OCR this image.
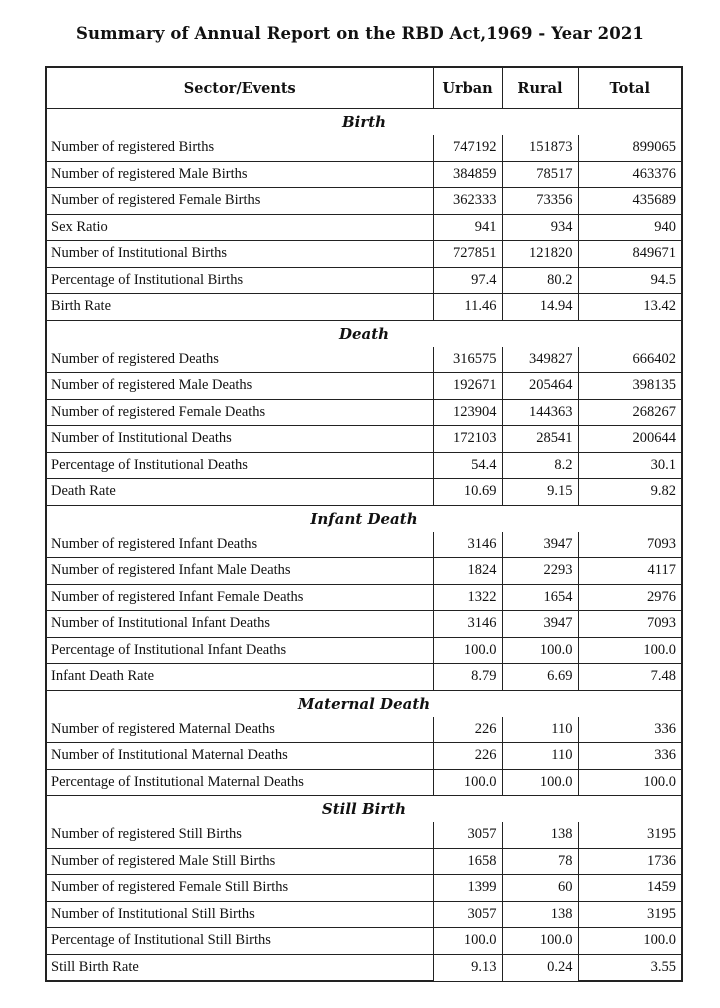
Summary of Annual Report on the RBD Act,1969 - Year 2021
Sector/Events	Urban	Rural	Total
Birth			
Number of registered Births	747192	151873	899065
Number of registered Male Births	384859	78517	463376
Number of registered Female Births	362333	73356	435689
Sex Ratio	941	934	940
Number of Institutional Births	727851	121820	849671
Percentage of Institutional Births	97.4	80.2	94.5
Birth Rate	11.46	14.94	13.42
Death			
Number of registered Deaths	316575	349827	666402
Number of registered Male Deaths	192671	205464	398135
Number of registered Female Deaths	123904	144363	268267
Number of Institutional Deaths	172103	28541	200644
Percentage of Institutional Deaths	54.4	8.2	30.1
Death Rate	10.69	9.15	9.82
Infant Death			
Number of registered Infant Deaths	3146	3947	7093
Number of registered Infant Male Deaths	1824	2293	4117
Number of registered Infant Female Deaths	1322	1654	2976
Number of Institutional Infant Deaths	3146	3947	7093
Percentage of Institutional Infant Deaths	100.0	100.0	100.0
Infant Death Rate	8.79	6.69	7.48
Maternal Death			
Number of registered Maternal Deaths	226	110	336
Number of Institutional Maternal Deaths	226	110	336
Percentage of Institutional Maternal Deaths	100.0	100.0	100.0
Still Birth			
Number of registered Still Births	3057	138	3195
Number of registered Male Still Births	1658	78	1736
Number of registered Female Still Births	1399	60	1459
Number of Institutional Still Births	3057	138	3195
Percentage of Institutional Still Births	100.0	100.0	100.0
Still Birth Rate	9.13	0.24	3.55
